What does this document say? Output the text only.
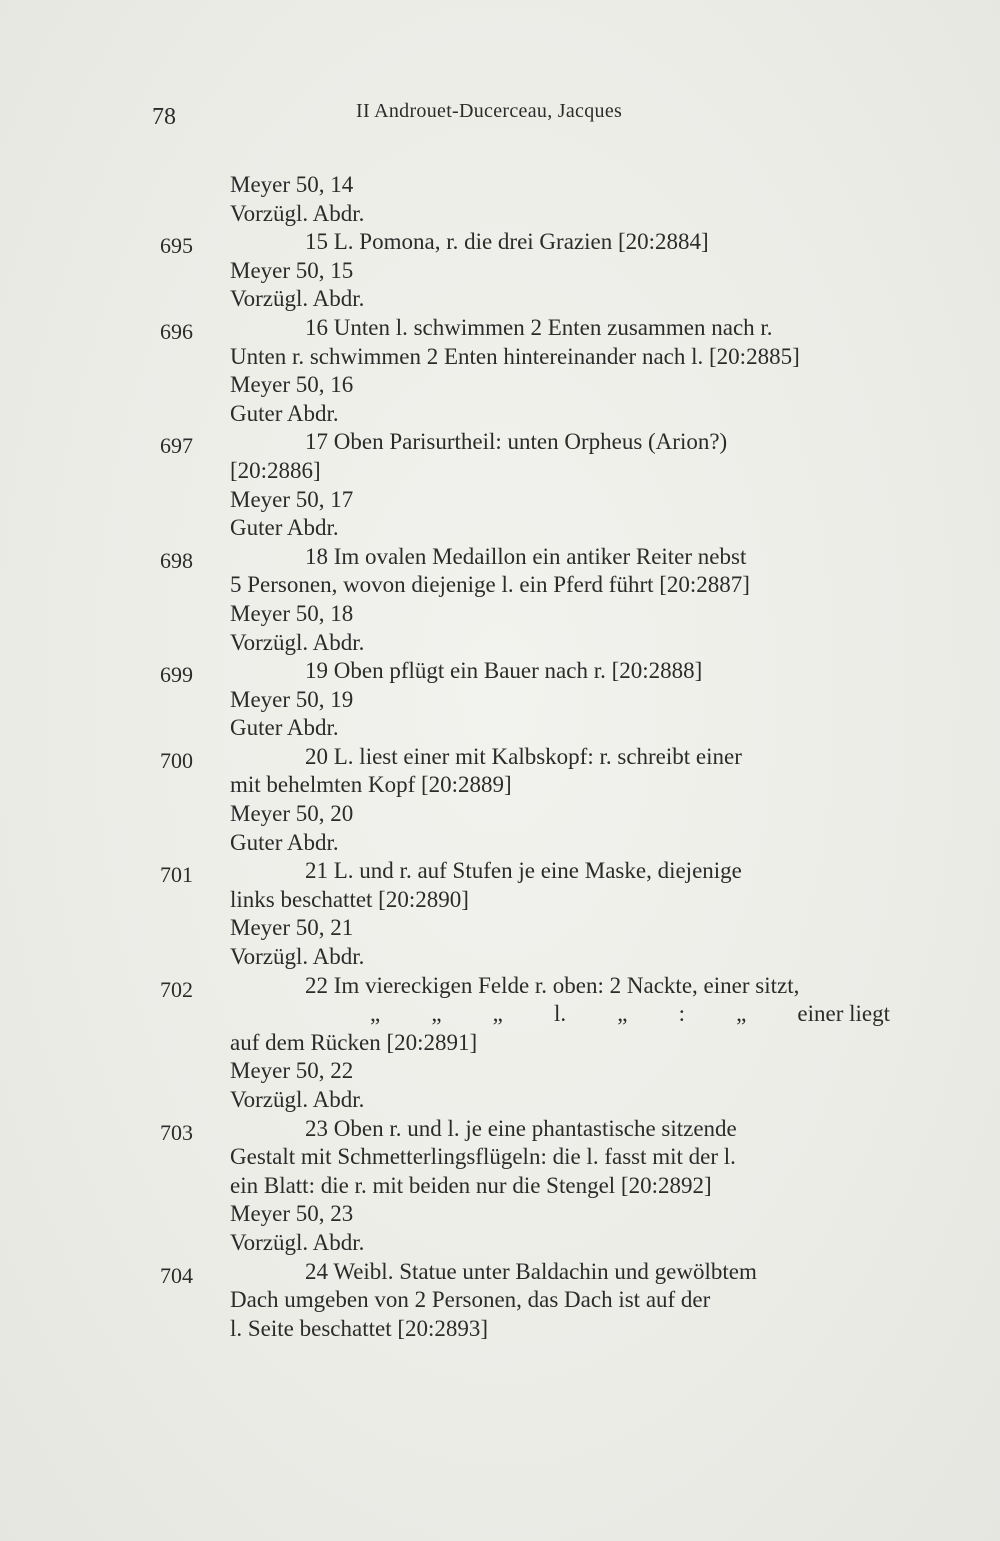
78	II Androuet-Ducerceau, Jacques
Meyer 50, 14
Vorzügl. Abdr.
695	15 L. Pomona, r. die drei Grazien [20:2884]
Meyer 50, 15
Vorzügl. Abdr.
696	16 Unten l. schwimmen 2 Enten zusammen nach r.
Unten r. schwimmen 2 Enten hintereinander nach l. [20:2885]
Meyer 50, 16
Guter Abdr.
697	17 Oben Parisurtheil: unten Orpheus (Arion?)
[20:2886]
Meyer 50, 17
Guter Abdr.
698	18 Im ovalen Medaillon ein antiker Reiter nebst
5 Personen, wovon diejenige l. ein Pferd führt [20:2887]
Meyer 50, 18
Vorzügl. Abdr.
699	19 Oben pflügt ein Bauer nach r. [20:2888]
Meyer 50, 19
Guter Abdr.
700	20 L. liest einer mit Kalbskopf: r. schreibt einer
mit behelmten Kopf [20:2889]
Meyer 50, 20
Guter Abdr.
701	21 L. und r. auf Stufen je eine Maske, diejenige
links beschattet [20:2890]
Meyer 50, 21
Vorzügl. Abdr.
702	22 Im viereckigen Felde r. oben: 2 Nackte, einer sitzt,
„ „ „ l. „ : „ einer liegt
auf dem Rücken [20:2891]
Meyer 50, 22
Vorzügl. Abdr.
703	23 Oben r. und l. je eine phantastische sitzende
Gestalt mit Schmetterlingsflügeln: die l. fasst mit der l.
ein Blatt: die r. mit beiden nur die Stengel [20:2892]
Meyer 50, 23
Vorzügl. Abdr.
704	24 Weibl. Statue unter Baldachin und gewölbtem
Dach umgeben von 2 Personen, das Dach ist auf der
l. Seite beschattet [20:2893]
